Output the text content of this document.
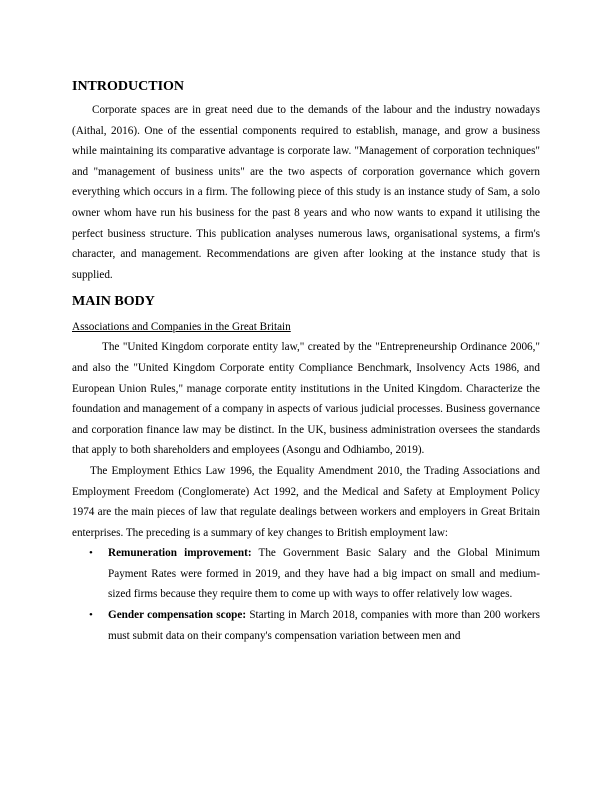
INTRODUCTION

Corporate spaces are in great need due to the demands of the labour and the industry nowadays (Aithal, 2016). One of the essential components required to establish, manage, and grow a business while maintaining its comparative advantage is corporate law. "Management of corporation techniques" and "management of business units" are the two aspects of corporation governance which govern everything which occurs in a firm. The following piece of this study is an instance study of Sam, a solo owner whom have run his business for the past 8 years and who now wants to expand it utilising the perfect business structure. This publication analyses numerous laws, organisational systems, a firm's character, and management. Recommendations are given after looking at the instance study that is supplied.

MAIN BODY
Associations and Companies in the Great Britain

The "United Kingdom corporate entity law," created by the "Entrepreneurship Ordinance 2006," and also the "United Kingdom Corporate entity Compliance Benchmark, Insolvency Acts 1986, and European Union Rules," manage corporate entity institutions in the United Kingdom. Characterize the foundation and management of a company in aspects of various judicial processes. Business governance and corporation finance law may be distinct. In the UK, business administration oversees the standards that apply to both shareholders and employees (Asongu and Odhiambo, 2019).

The Employment Ethics Law 1996, the Equality Amendment 2010, the Trading Associations and Employment Freedom (Conglomerate) Act 1992, and the Medical and Safety at Employment Policy 1974 are the main pieces of law that regulate dealings between workers and employers in Great Britain enterprises. The preceding is a summary of key changes to British employment law:

• Remuneration improvement: The Government Basic Salary and the Global Minimum Payment Rates were formed in 2019, and they have had a big impact on small and medium-sized firms because they require them to come up with ways to offer relatively low wages.
• Gender compensation scope: Starting in March 2018, companies with more than 200 workers must submit data on their company's compensation variation between men and
